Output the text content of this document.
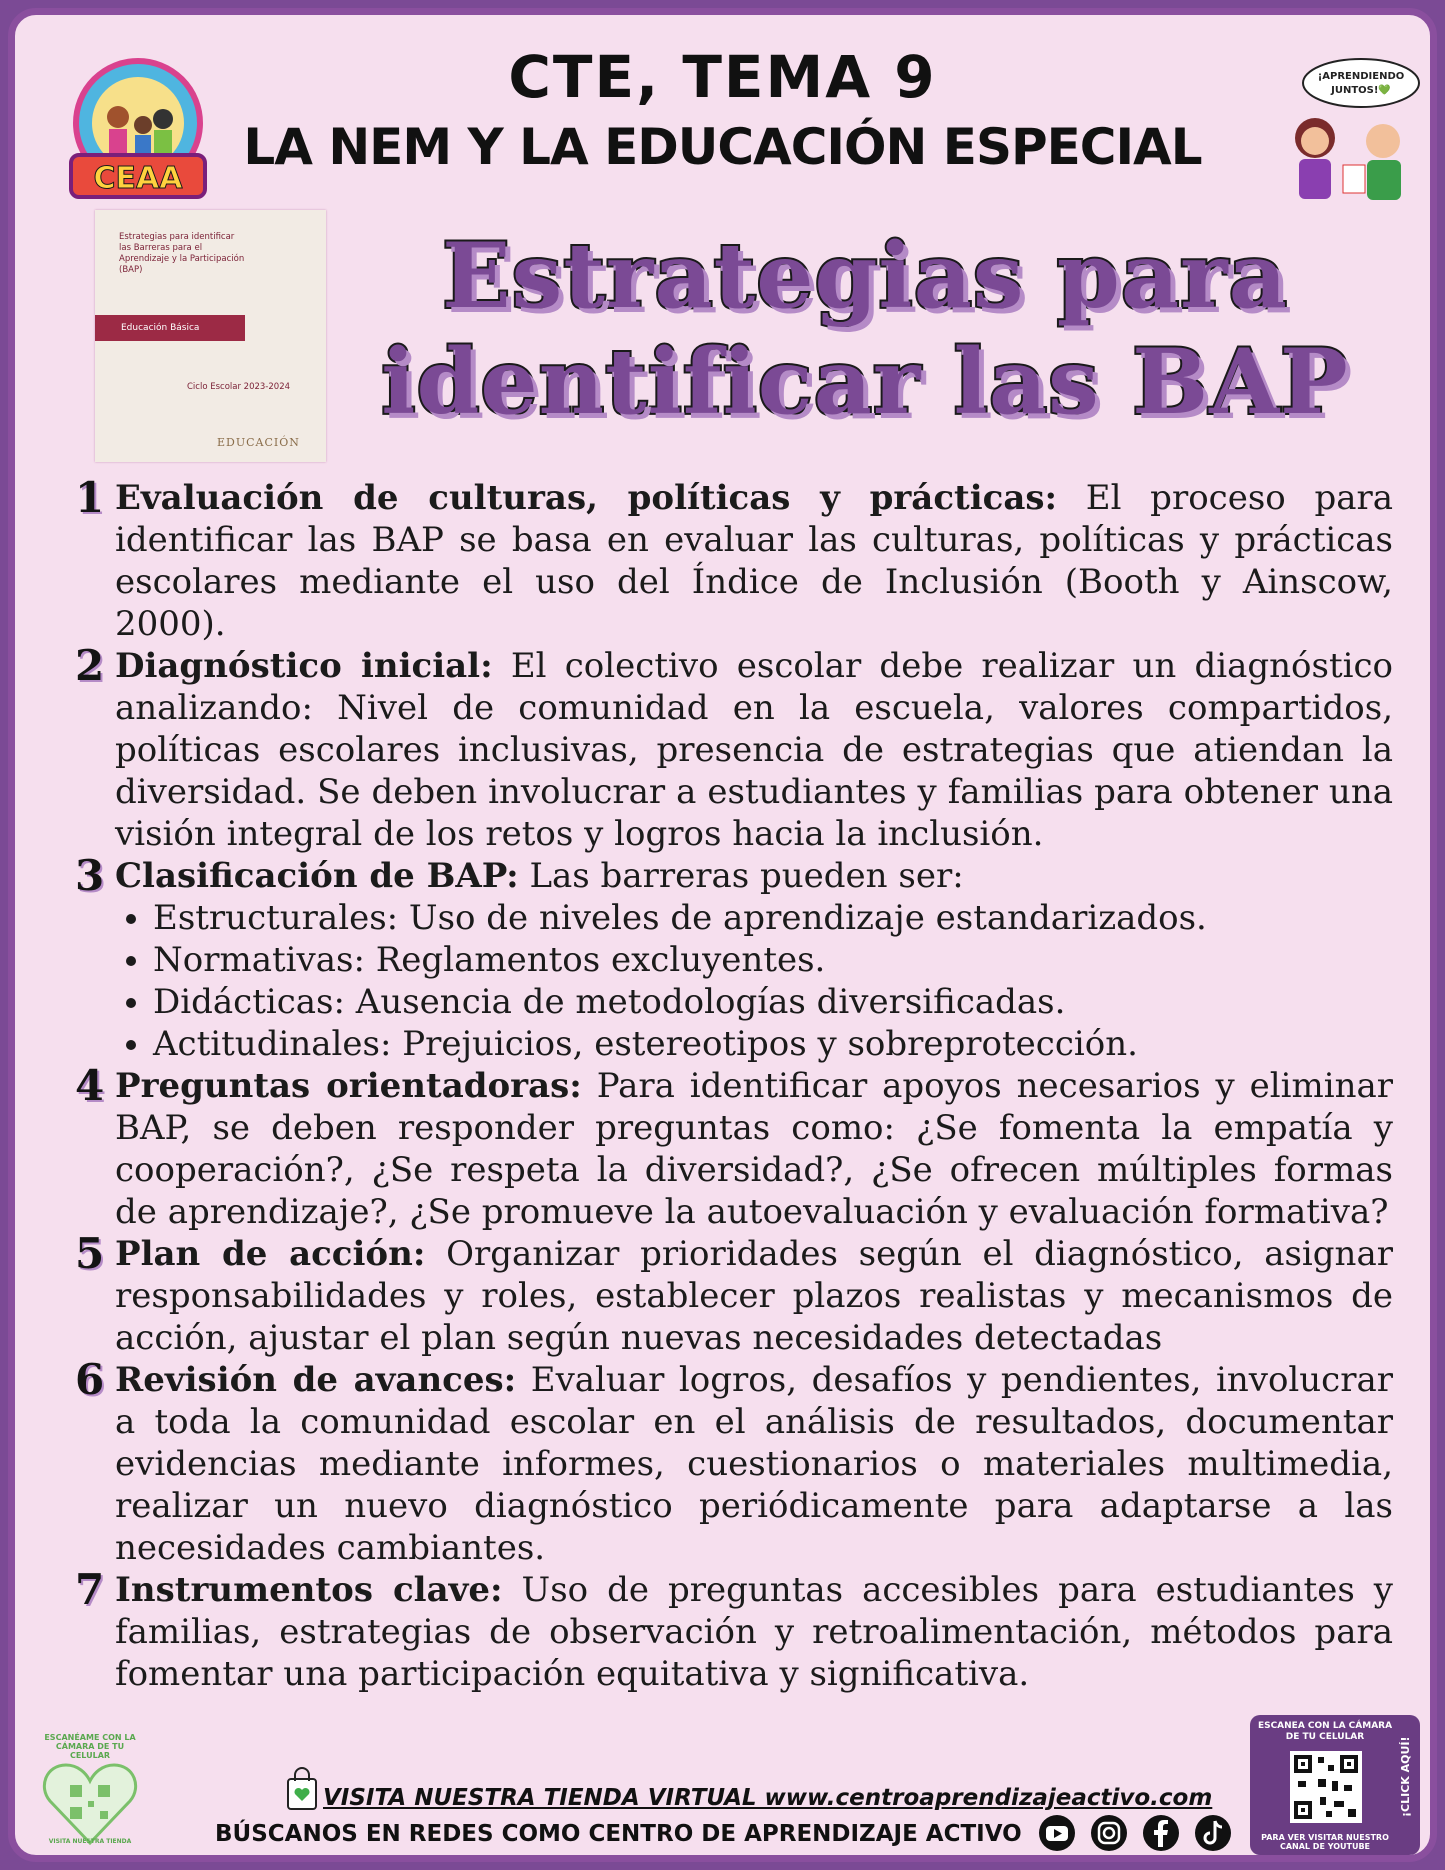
CEAA
CTE, TEMA 9
LA NEM Y LA EDUCACIÓN ESPECIAL
¡APRENDIENDO
JUNTOS!💚
Estrategias para identificar
las Barreras para el
Aprendizaje y la Participación
(BAP)
Educación Básica
Ciclo Escolar 2023-2024
EDUCACIÓN
Estrategias para
identificar las BAP

1 Evaluación de culturas, políticas y prácticas: El proceso para identificar las BAP se basa en evaluar las culturas, políticas y prácticas escolares mediante el uso del Índice de Inclusión (Booth y Ainscow, 2000).

2 Diagnóstico inicial: El colectivo escolar debe realizar un diagnóstico analizando: Nivel de comunidad en la escuela, valores compartidos, políticas escolares inclusivas, presencia de estrategias que atiendan la diversidad. Se deben involucrar a estudiantes y familias para obtener una visión integral de los retos y logros hacia la inclusión.

3 Clasificación de BAP: Las barreras pueden ser:

• Estructurales: Uso de niveles de aprendizaje estandarizados.
• Normativas: Reglamentos excluyentes.
• Didácticas: Ausencia de metodologías diversificadas.
• Actitudinales: Prejuicios, estereotipos y sobreprotección.

4 Preguntas orientadoras: Para identificar apoyos necesarios y eliminar BAP, se deben responder preguntas como: ¿Se fomenta la empatía y cooperación?, ¿Se respeta la diversidad?, ¿Se ofrecen múltiples formas de aprendizaje?, ¿Se promueve la autoevaluación y evaluación formativa?

5 Plan de acción: Organizar prioridades según el diagnóstico, asignar responsabilidades y roles, establecer plazos realistas y mecanismos de acción, ajustar el plan según nuevas necesidades detectadas

6 Revisión de avances: Evaluar logros, desafíos y pendientes, involucrar a toda la comunidad escolar en el análisis de resultados, documentar evidencias mediante informes, cuestionarios o materiales multimedia, realizar un nuevo diagnóstico periódicamente para adaptarse a las necesidades cambiantes.

7 Instrumentos clave: Uso de preguntas accesibles para estudiantes y familias, estrategias de observación y retroalimentación, métodos para fomentar una participación equitativa y significativa.

ESCANÉAME CON LA CÁMARA DE TU CELULAR
VISITA NUESTRA TIENDA
VISITA NUESTRA TIENDA VIRTUAL www.centroaprendizajeactivo.com
BÚSCANOS EN REDES COMO CENTRO DE APRENDIZAJE ACTIVO
ESCANEA CON LA CÁMARA DE TU CELULAR
PARA VER VISITAR NUESTRO CANAL DE YOUTUBE
¡CLICK AQUÍ!
